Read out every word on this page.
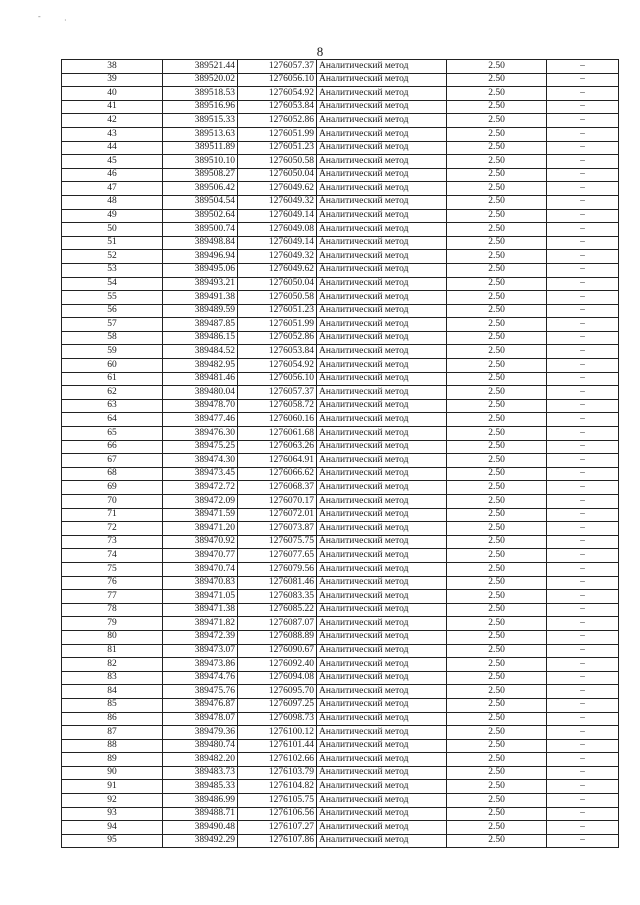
-	·
8
38	389521.44	1276057.37	Аналитический метод	2.50	–
39	389520.02	1276056.10	Аналитический метод	2.50	–
40	389518.53	1276054.92	Аналитический метод	2.50	–
41	389516.96	1276053.84	Аналитический метод	2.50	–
42	389515.33	1276052.86	Аналитический метод	2.50	–
43	389513.63	1276051.99	Аналитический метод	2.50	–
44	389511.89	1276051.23	Аналитический метод	2.50	–
45	389510.10	1276050.58	Аналитический метод	2.50	–
46	389508.27	1276050.04	Аналитический метод	2.50	–
47	389506.42	1276049.62	Аналитический метод	2.50	–
48	389504.54	1276049.32	Аналитический метод	2.50	–
49	389502.64	1276049.14	Аналитический метод	2.50	–
50	389500.74	1276049.08	Аналитический метод	2.50	–
51	389498.84	1276049.14	Аналитический метод	2.50	–
52	389496.94	1276049.32	Аналитический метод	2.50	–
53	389495.06	1276049.62	Аналитический метод	2.50	–
54	389493.21	1276050.04	Аналитический метод	2.50	–
55	389491.38	1276050.58	Аналитический метод	2.50	–
56	389489.59	1276051.23	Аналитический метод	2.50	–
57	389487.85	1276051.99	Аналитический метод	2.50	–
58	389486.15	1276052.86	Аналитический метод	2.50	–
59	389484.52	1276053.84	Аналитический метод	2.50	–
60	389482.95	1276054.92	Аналитический метод	2.50	–
61	389481.46	1276056.10	Аналитический метод	2.50	–
62	389480.04	1276057.37	Аналитический метод	2.50	–
63	389478.70	1276058.72	Аналитический метод	2.50	–
64	389477.46	1276060.16	Аналитический метод	2.50	–
65	389476.30	1276061.68	Аналитический метод	2.50	–
66	389475.25	1276063.26	Аналитический метод	2.50	–
67	389474.30	1276064.91	Аналитический метод	2.50	–
68	389473.45	1276066.62	Аналитический метод	2.50	–
69	389472.72	1276068.37	Аналитический метод	2.50	–
70	389472.09	1276070.17	Аналитический метод	2.50	–
71	389471.59	1276072.01	Аналитический метод	2.50	–
72	389471.20	1276073.87	Аналитический метод	2.50	–
73	389470.92	1276075.75	Аналитический метод	2.50	–
74	389470.77	1276077.65	Аналитический метод	2.50	–
75	389470.74	1276079.56	Аналитический метод	2.50	–
76	389470.83	1276081.46	Аналитический метод	2.50	–
77	389471.05	1276083.35	Аналитический метод	2.50	–
78	389471.38	1276085.22	Аналитический метод	2.50	–
79	389471.82	1276087.07	Аналитический метод	2.50	–
80	389472.39	1276088.89	Аналитический метод	2.50	–
81	389473.07	1276090.67	Аналитический метод	2.50	–
82	389473.86	1276092.40	Аналитический метод	2.50	–
83	389474.76	1276094.08	Аналитический метод	2.50	–
84	389475.76	1276095.70	Аналитический метод	2.50	–
85	389476.87	1276097.25	Аналитический метод	2.50	–
86	389478.07	1276098.73	Аналитический метод	2.50	–
87	389479.36	1276100.12	Аналитический метод	2.50	–
88	389480.74	1276101.44	Аналитический метод	2.50	–
89	389482.20	1276102.66	Аналитический метод	2.50	–
90	389483.73	1276103.79	Аналитический метод	2.50	–
91	389485.33	1276104.82	Аналитический метод	2.50	–
92	389486.99	1276105.75	Аналитический метод	2.50	–
93	389488.71	1276106.56	Аналитический метод	2.50	–
94	389490.48	1276107.27	Аналитический метод	2.50	–
95	389492.29	1276107.86	Аналитический метод	2.50	–
